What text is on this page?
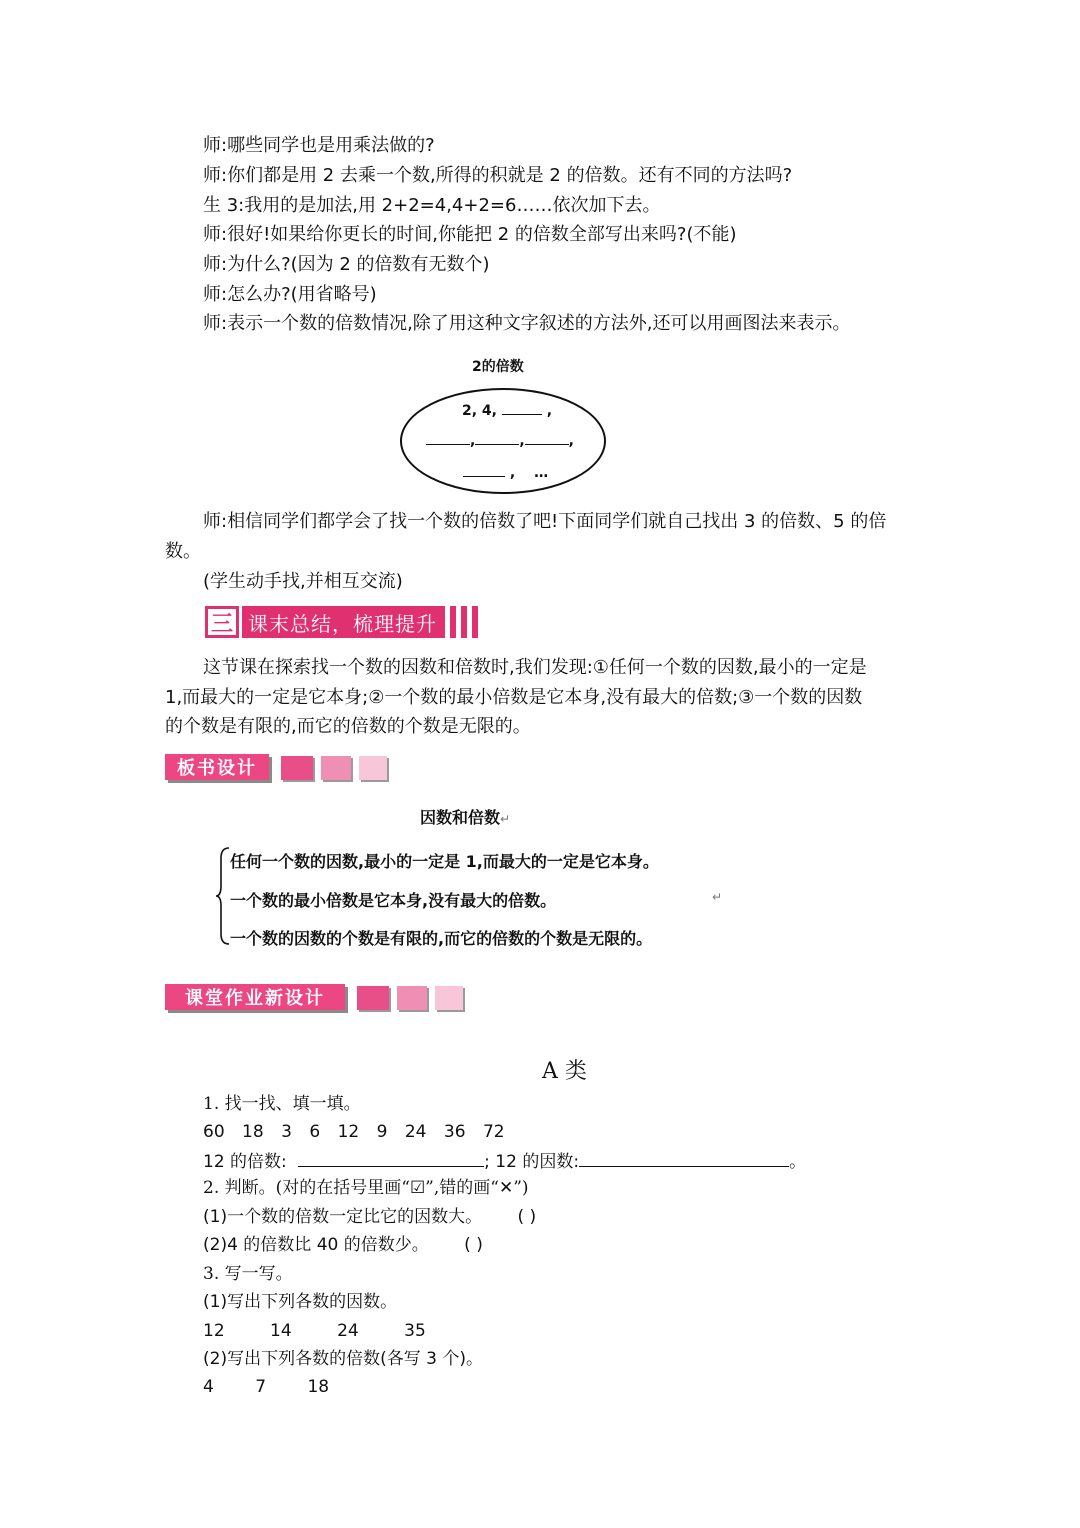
师:哪些同学也是用乘法做的?
师:你们都是用 2 去乘一个数,所得的积就是 2 的倍数。还有不同的方法吗?
生 3:我用的是加法,用 2+2=4,4+2=6……依次加下去。
师:很好!如果给你更长的时间,你能把 2 的倍数全部写出来吗?(不能)
师:为什么?(因为 2 的倍数有无数个)
师:怎么办?(用省略号)
师:表示一个数的倍数情况,除了用这种文字叙述的方法外,还可以用画图法来表示。
2的倍数
2, 4,	,
,	,	,
, …
师:相信同学们都学会了找一个数的倍数了吧!下面同学们就自己找出 3 的倍数、5 的倍
数。
(学生动手找,并相互交流)
三 课末总结，梳理提升
这节课在探索找一个数的因数和倍数时,我们发现:①任何一个数的因数,最小的一定是
1,而最大的一定是它本身;②一个数的最小倍数是它本身,没有最大的倍数;③一个数的因数
的个数是有限的,而它的倍数的个数是无限的。
板书设计
因数和倍数↵
任何一个数的因数,最小的一定是 1,而最大的一定是它本身。
一个数的最小倍数是它本身,没有最大的倍数。	↵
一个数的因数的个数是有限的,而它的倍数的个数是无限的。
课堂作业新设计
A 类
1. 找一找、填一填。
60 18 3 6 12 9 24 36 72
12 的倍数:	; 12 的因数:	。
2. 判断。(对的在括号里画“☑”,错的画“✕”)
(1)一个数的倍数一定比它的因数大。 ( )
(2)4 的倍数比 40 的倍数少。 ( )
3. 写一写。
(1)写出下列各数的因数。
12	14	24	35
(2)写出下列各数的倍数(各写 3 个)。
4 7 18
